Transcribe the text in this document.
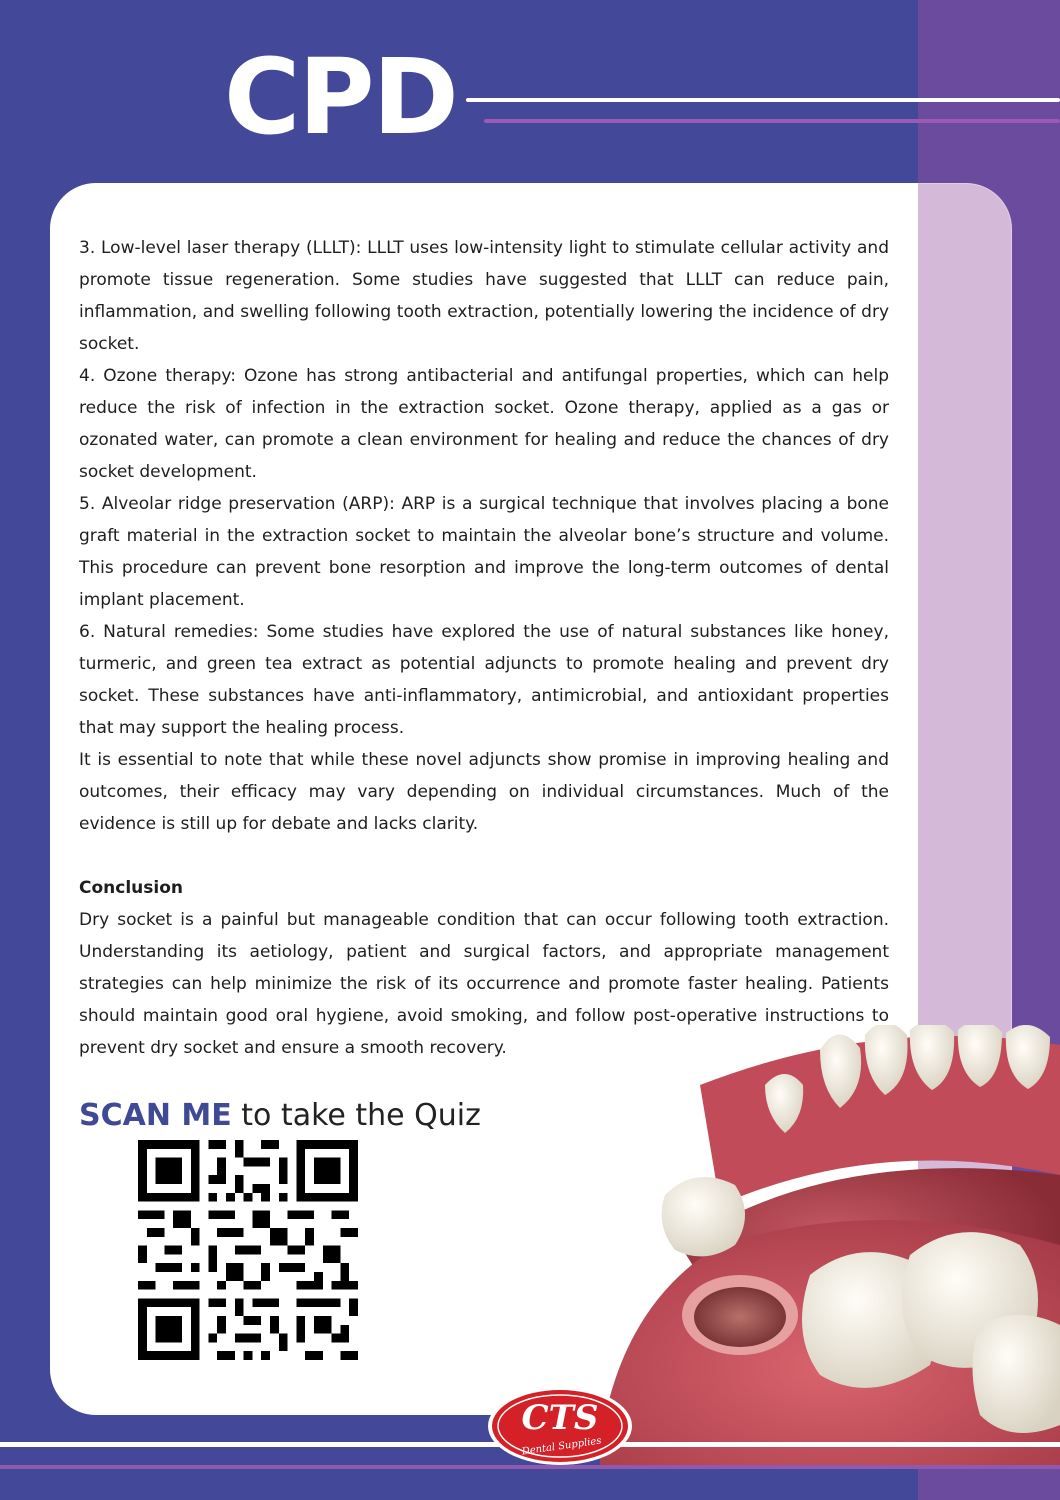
CPD

3. Low-level laser therapy (LLLT): LLLT uses low-intensity light to stimulate cellular activity and promote tissue regeneration. Some studies have suggested that LLLT can reduce pain, inflammation, and swelling following tooth extraction, potentially lowering the incidence of dry socket.

4. Ozone therapy: Ozone has strong antibacterial and antifungal properties, which can help reduce the risk of infection in the extraction socket. Ozone therapy, applied as a gas or ozonated water, can promote a clean environment for healing and reduce the chances of dry socket development.

5. Alveolar ridge preservation (ARP): ARP is a surgical technique that involves placing a bone graft material in the extraction socket to maintain the alveolar bone’s structure and volume. This procedure can prevent bone resorption and improve the long-term outcomes of dental implant placement.

6. Natural remedies: Some studies have explored the use of natural substances like honey, turmeric, and green tea extract as potential adjuncts to promote healing and prevent dry socket. These substances have anti-inflammatory, antimicrobial, and antioxidant properties that may support the healing process.

It is essential to note that while these novel adjuncts show promise in improving healing and outcomes, their efficacy may vary depending on individual circumstances. Much of the evidence is still up for debate and lacks clarity.

Conclusion

Dry socket is a painful but manageable condition that can occur following tooth extraction. Understanding its aetiology, patient and surgical factors, and appropriate management strategies can help minimize the risk of its occurrence and promote faster healing. Patients should maintain good oral hygiene, avoid smoking, and follow post-operative instructions to prevent dry socket and ensure a smooth recovery.

SCAN ME to take the Quiz
CTS
Dental Supplies
